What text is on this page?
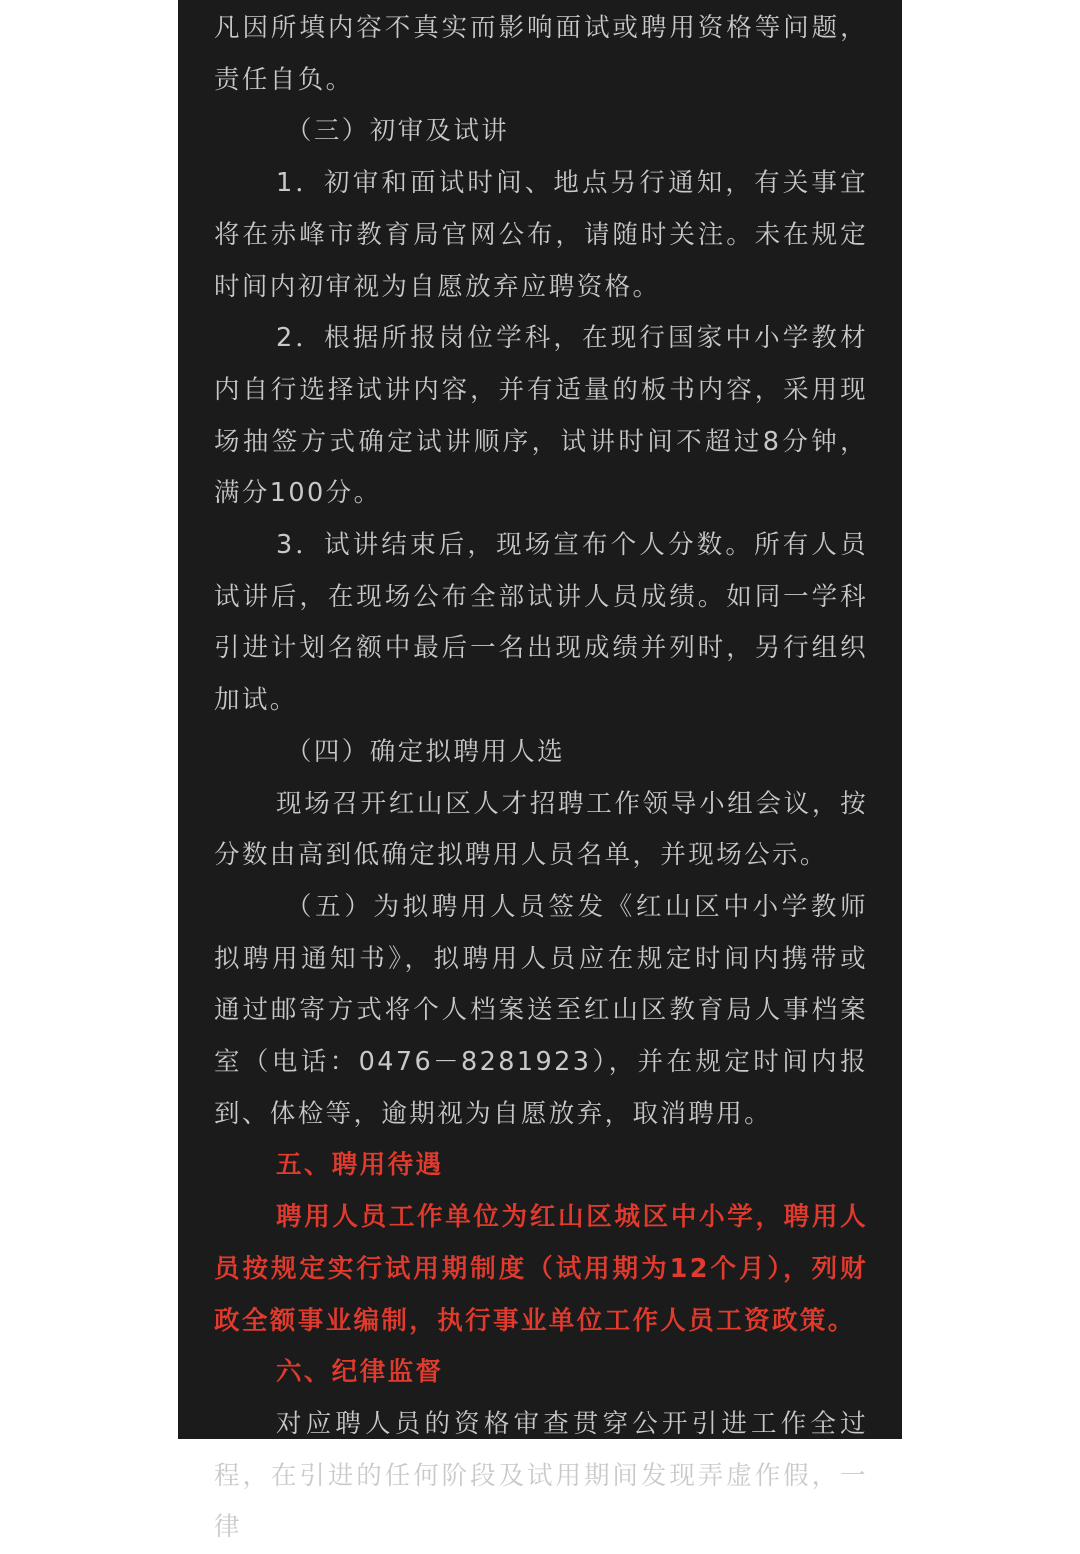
凡因所填内容不真实而影响面试或聘用资格等问题，责任自负。

（三）初审及试讲

1．初审和面试时间、地点另行通知，有关事宜将在赤峰市教育局官网公布，请随时关注。未在规定时间内初审视为自愿放弃应聘资格。

2．根据所报岗位学科，在现行国家中小学教材内自行选择试讲内容，并有适量的板书内容，采用现场抽签方式确定试讲顺序，试讲时间不超过8分钟，满分100分。

3．试讲结束后，现场宣布个人分数。所有人员试讲后，在现场公布全部试讲人员成绩。如同一学科引进计划名额中最后一名出现成绩并列时，另行组织加试。

（四）确定拟聘用人选

现场召开红山区人才招聘工作领导小组会议，按分数由高到低确定拟聘用人员名单，并现场公示。

（五）为拟聘用人员签发《红山区中小学教师拟聘用通知书》，拟聘用人员应在规定时间内携带或通过邮寄方式将个人档案送至红山区教育局人事档案室（电话：0476－8281923），并在规定时间内报到、体检等，逾期视为自愿放弃，取消聘用。

五、聘用待遇

聘用人员工作单位为红山区城区中小学，聘用人员按规定实行试用期制度（试用期为12个月），列财政全额事业编制，执行事业单位工作人员工资政策。

六、纪律监督

对应聘人员的资格审查贯穿公开引进工作全过程，在引进的任何阶段及试用期间发现弄虚作假，一律
